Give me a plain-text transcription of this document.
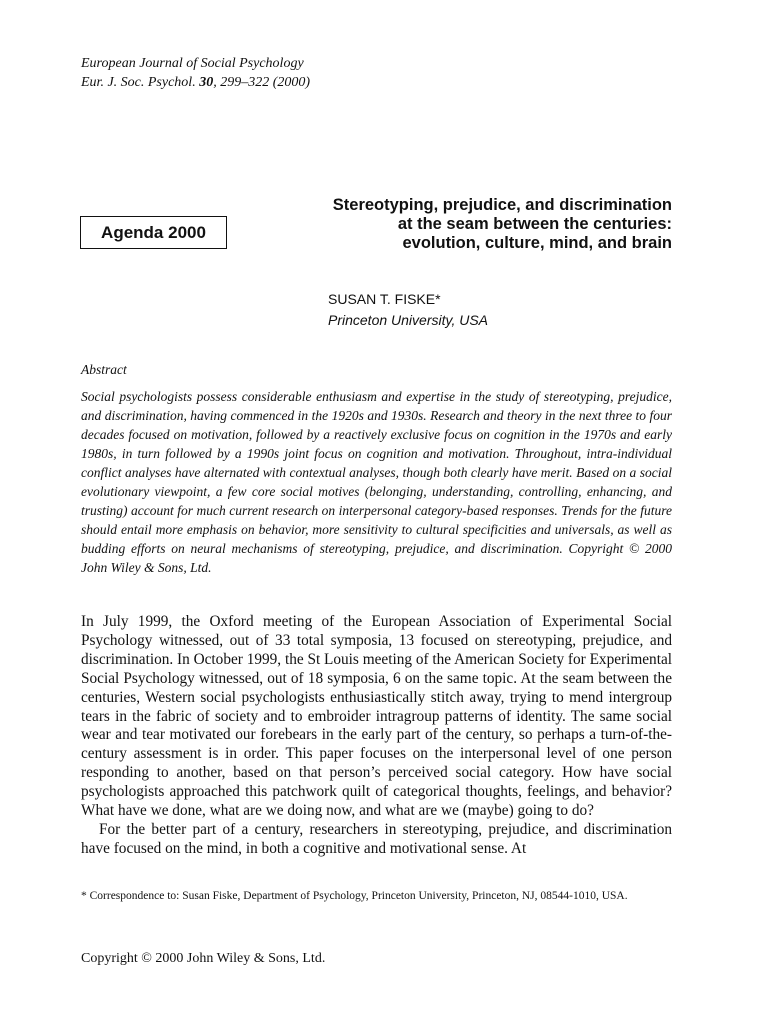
European Journal of Social Psychology
Eur. J. Soc. Psychol. 30, 299–322 (2000)
Agenda 2000
Stereotyping, prejudice, and discrimination
at the seam between the centuries:
evolution, culture, mind, and brain
SUSAN T. FISKE*
Princeton University, USA
Abstract

Social psychologists possess considerable enthusiasm and expertise in the study of stereotyping, prejudice, and discrimination, having commenced in the 1920s and 1930s. Research and theory in the next three to four decades focused on motivation, followed by a reactively exclusive focus on cognition in the 1970s and early 1980s, in turn followed by a 1990s joint focus on cognition and motivation. Throughout, intra-individual conflict analyses have alternated with contextual analyses, though both clearly have merit. Based on a social evolutionary viewpoint, a few core social motives (belonging, understanding, controlling, enhancing, and trusting) account for much current research on interpersonal category-based responses. Trends for the future should entail more emphasis on behavior, more sensitivity to cultural specificities and universals, as well as budding efforts on neural mechanisms of stereotyping, prejudice, and discrimination. Copyright © 2000 John Wiley & Sons, Ltd.

In July 1999, the Oxford meeting of the European Association of Experimental Social Psychology witnessed, out of 33 total symposia, 13 focused on stereotyping, prejudice, and discrimination. In October 1999, the St Louis meeting of the American Society for Experimental Social Psychology witnessed, out of 18 symposia, 6 on the same topic. At the seam between the centuries, Western social psychologists enthusiastically stitch away, trying to mend intergroup tears in the fabric of society and to embroider intragroup patterns of identity. The same social wear and tear motivated our forebears in the early part of the century, so perhaps a turn-of-the-century assessment is in order. This paper focuses on the interpersonal level of one person responding to another, based on that person’s perceived social category. How have social psychologists approached this patchwork quilt of categorical thoughts, feelings, and behavior? What have we done, what are we doing now, and what are we (maybe) going to do?

For the better part of a century, researchers in stereotyping, prejudice, and discrimination have focused on the mind, in both a cognitive and motivational sense. At

* Correspondence to: Susan Fiske, Department of Psychology, Princeton University, Princeton, NJ, 08544-1010, USA.

Copyright © 2000 John Wiley & Sons, Ltd.
